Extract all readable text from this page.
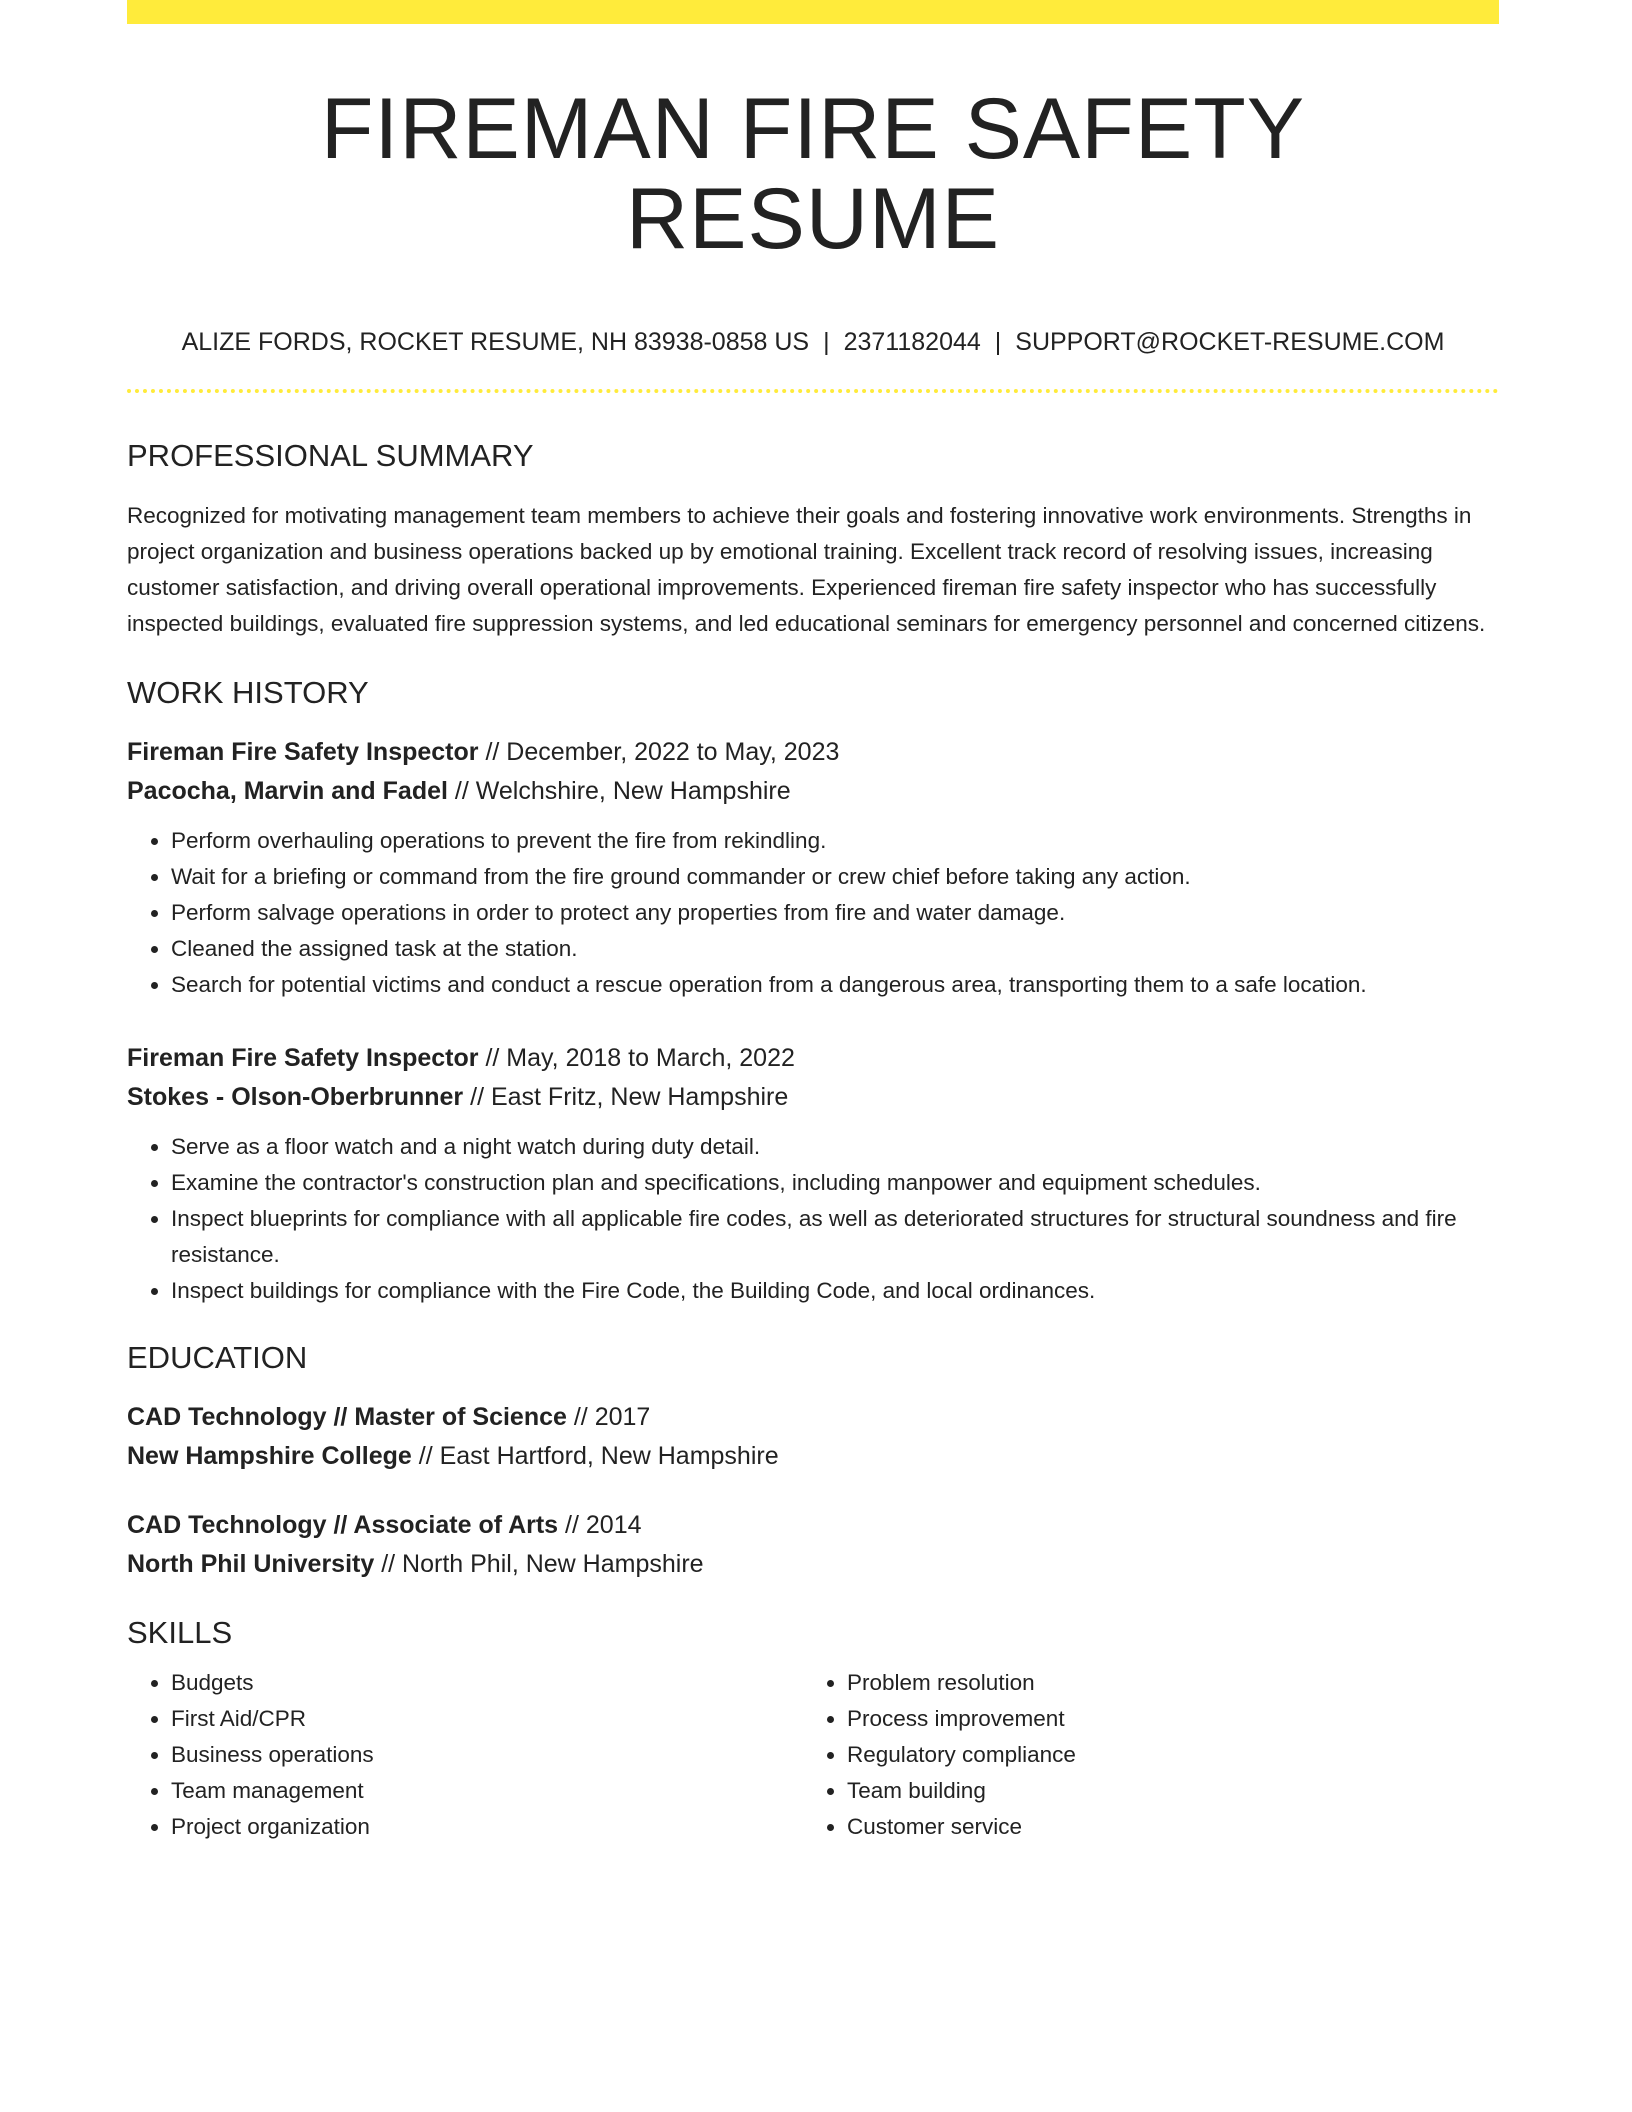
FIREMAN FIRE SAFETY RESUME
ALIZE FORDS, ROCKET RESUME, NH 83938-0858 US | 2371182044 | SUPPORT@ROCKET-RESUME.COM
PROFESSIONAL SUMMARY
Recognized for motivating management team members to achieve their goals and fostering innovative work environments. Strengths in project organization and business operations backed up by emotional training. Excellent track record of resolving issues, increasing customer satisfaction, and driving overall operational improvements. Experienced fireman fire safety inspector who has successfully inspected buildings, evaluated fire suppression systems, and led educational seminars for emergency personnel and concerned citizens.
WORK HISTORY
Fireman Fire Safety Inspector // December, 2022 to May, 2023
Pacocha, Marvin and Fadel // Welchshire, New Hampshire
• Perform overhauling operations to prevent the fire from rekindling.
• Wait for a briefing or command from the fire ground commander or crew chief before taking any action.
• Perform salvage operations in order to protect any properties from fire and water damage.
• Cleaned the assigned task at the station.
• Search for potential victims and conduct a rescue operation from a dangerous area, transporting them to a safe location.
Fireman Fire Safety Inspector // May, 2018 to March, 2022
Stokes - Olson-Oberbrunner // East Fritz, New Hampshire
• Serve as a floor watch and a night watch during duty detail.
• Examine the contractor's construction plan and specifications, including manpower and equipment schedules.
• Inspect blueprints for compliance with all applicable fire codes, as well as deteriorated structures for structural soundness and fire resistance.
• Inspect buildings for compliance with the Fire Code, the Building Code, and local ordinances.
EDUCATION
CAD Technology // Master of Science // 2017
New Hampshire College // East Hartford, New Hampshire
CAD Technology // Associate of Arts // 2014
North Phil University // North Phil, New Hampshire
SKILLS
• Budgets
• First Aid/CPR
• Business operations
• Team management
• Project organization
• Problem resolution
• Process improvement
• Regulatory compliance
• Team building
• Customer service
